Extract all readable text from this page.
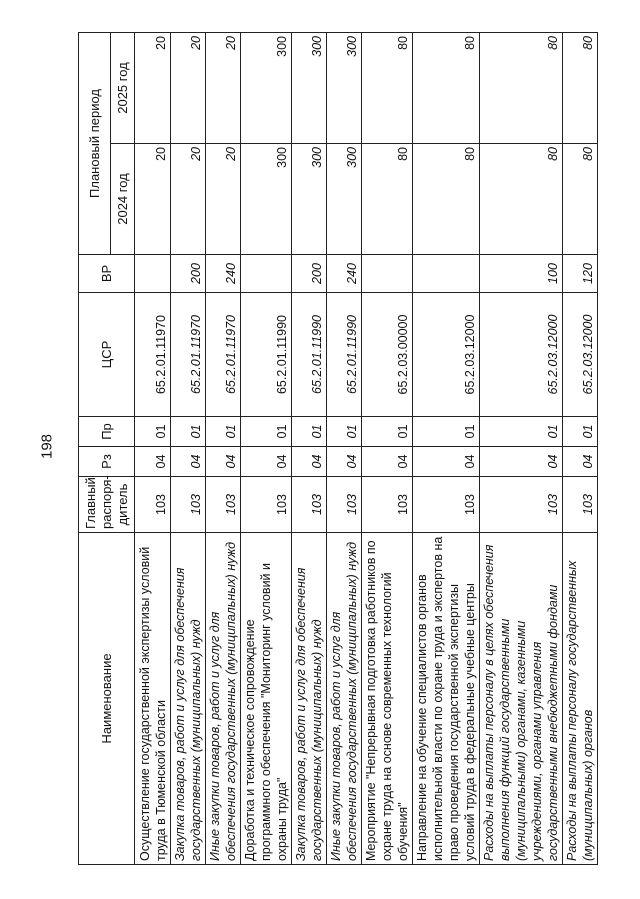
198
Наименование	Главный распоря-дитель	Рз	Пр	ЦСР	ВР	Плановый период	
						2024 год	2025 год
Осуществление государственной экспертизы условий труда в Тюменской области	103	04	01	65.2.01.11970		20	20
Закупка товаров, работ и услуг для обеспечения государственных (муниципальных) нужд	103	04	01	65.2.01.11970	200	20	20
Иные закупки товаров, работ и услуг для обеспечения государственных (муниципальных) нужд	103	04	01	65.2.01.11970	240	20	20
Доработка и техническое сопровождение программного обеспечения "Мониторинг условий и охраны труда"	103	04	01	65.2.01.11990		300	300
Закупка товаров, работ и услуг для обеспечения государственных (муниципальных) нужд	103	04	01	65.2.01.11990	200	300	300
Иные закупки товаров, работ и услуг для обеспечения государственных (муниципальных) нужд	103	04	01	65.2.01.11990	240	300	300
Мероприятие "Непрерывная подготовка работников по охране труда на основе современных технологий обучения"	103	04	01	65.2.03.00000		80	80
Направление на обучение специалистов органов исполнительной власти по охране труда и экспертов на право проведения государственной экспертизы условий труда в федеральные учебные центры	103	04	01	65.2.03.12000		80	80
Расходы на выплаты персоналу в целях обеспечения выполнения функций государственными (муниципальными) органами, казенными учреждениями, органами управления государственными внебюджетными фондами	103	04	01	65.2.03.12000	100	80	80
Расходы на выплаты персоналу государственных (муниципальных) органов	103	04	01	65.2.03.12000	120	80	80
